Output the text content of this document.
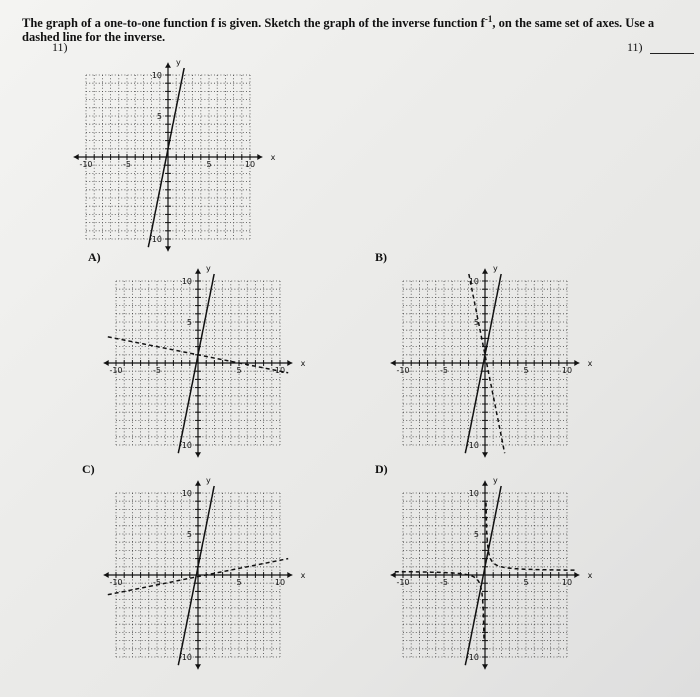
The graph of a one-to-one function f is given. Sketch the graph of the inverse function $f^{-1}$, on the same set of axes. Use a dashed line for the inverse.
11)	11)
-10	-5	5	10
x
10
5
-10
y
A)
-10	-5	5	10
x
10
5
-10
y
B)
-10	-5	5	10
x
10
5
-10
y
C)
-10	-5	5	10
x
10
5
-10
y
D)
-10	-5	5	10
x
10
5
-10
y
